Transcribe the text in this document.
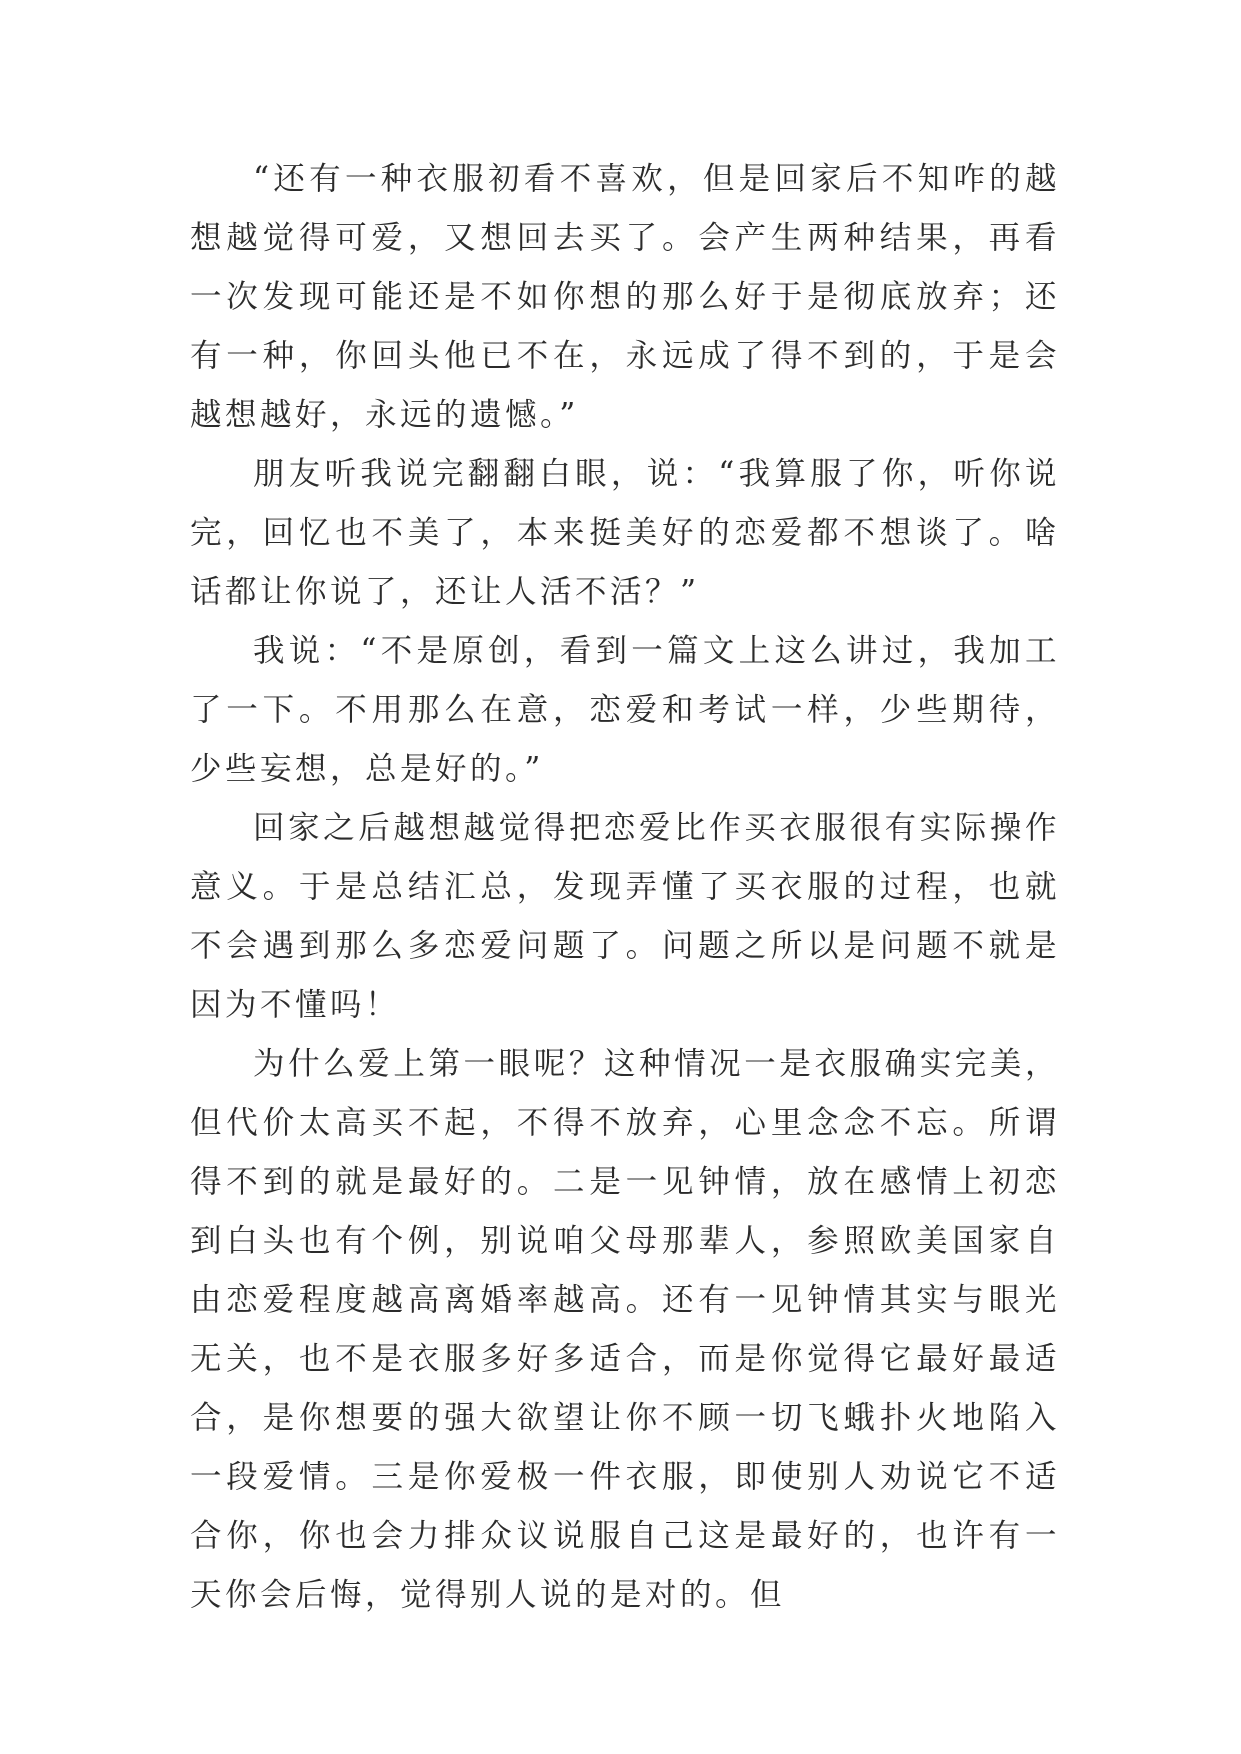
“还有一种衣服初看不喜欢，但是回家后不知咋的越想越觉得可爱，又想回去买了。会产生两种结果，再看一次发现可能还是不如你想的那么好于是彻底放弃；还有一种，你回头他已不在，永远成了得不到的，于是会越想越好，永远的遗憾。”

朋友听我说完翻翻白眼，说：“我算服了你，听你说完，回忆也不美了，本来挺美好的恋爱都不想谈了。啥话都让你说了，还让人活不活？”

我说：“不是原创，看到一篇文上这么讲过，我加工了一下。不用那么在意，恋爱和考试一样，少些期待，少些妄想，总是好的。”

回家之后越想越觉得把恋爱比作买衣服很有实际操作意义。于是总结汇总，发现弄懂了买衣服的过程，也就不会遇到那么多恋爱问题了。问题之所以是问题不就是因为不懂吗！

为什么爱上第一眼呢？这种情况一是衣服确实完美，但代价太高买不起，不得不放弃，心里念念不忘。所谓得不到的就是最好的。二是一见钟情，放在感情上初恋到白头也有个例，别说咱父母那辈人，参照欧美国家自由恋爱程度越高离婚率越高。还有一见钟情其实与眼光无关，也不是衣服多好多适合，而是你觉得它最好最适合，是你想要的强大欲望让你不顾一切飞蛾扑火地陷入一段爱情。三是你爱极一件衣服，即使别人劝说它不适合你，你也会力排众议说服自己这是最好的，也许有一天你会后悔，觉得别人说的是对的。但
